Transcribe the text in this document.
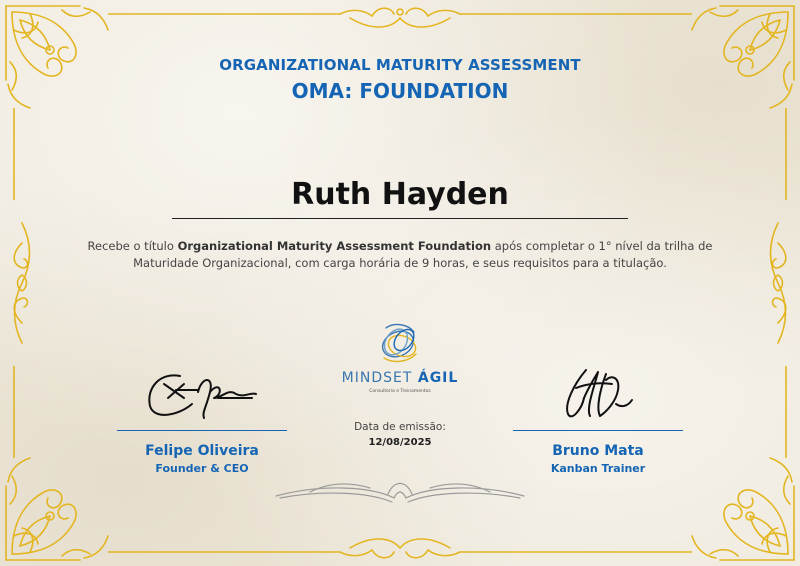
ORGANIZATIONAL MATURITY ASSESSMENT
OMA: FOUNDATION
Ruth Hayden
Recebe o título Organizational Maturity Assessment Foundation após completar o 1° nível da trilha de Maturidade Organizacional, com carga horária de 9 horas, e seus requisitos para a titulação.
MINDSET ÁGIL
Consultoria e Treinamentos
Data de emissão:
12/08/2025
Felipe Oliveira
Founder & CEO
Bruno Mata
Kanban Trainer
